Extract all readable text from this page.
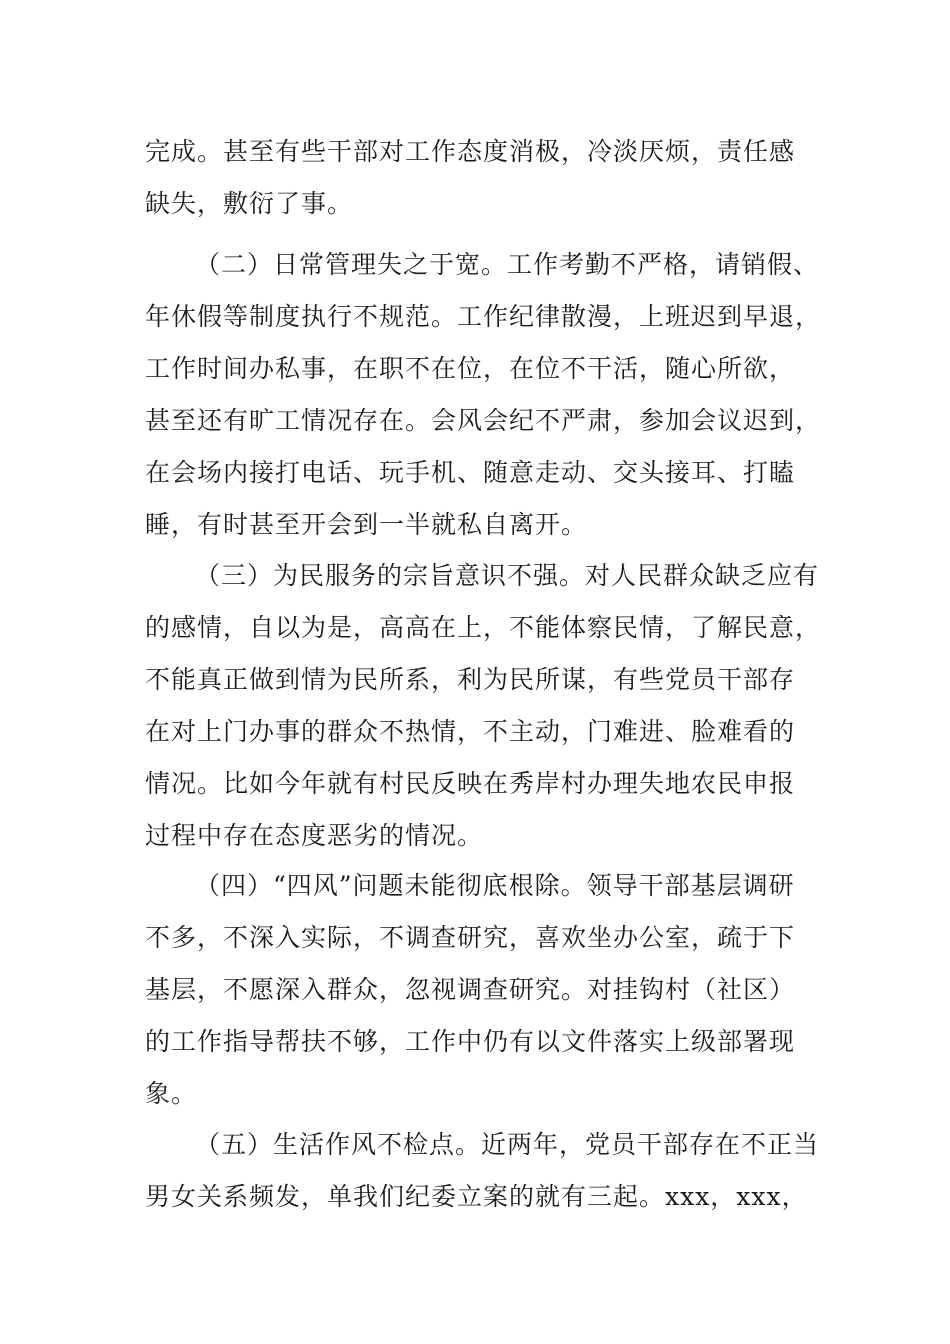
完成。甚至有些干部对工作态度消极，冷淡厌烦，责任感
缺失，敷衍了事。

（二）日常管理失之于宽。工作考勤不严格，请销假、
年休假等制度执行不规范。工作纪律散漫，上班迟到早退，
工作时间办私事，在职不在位，在位不干活，随心所欲，
甚至还有旷工情况存在。会风会纪不严肃，参加会议迟到，
在会场内接打电话、玩手机、随意走动、交头接耳、打瞌
睡，有时甚至开会到一半就私自离开。

（三）为民服务的宗旨意识不强。对人民群众缺乏应有
的感情，自以为是，高高在上，不能体察民情，了解民意，
不能真正做到情为民所系，利为民所谋，有些党员干部存
在对上门办事的群众不热情，不主动，门难进、脸难看的
情况。比如今年就有村民反映在秀岸村办理失地农民申报
过程中存在态度恶劣的情况。

（四）“四风”问题未能彻底根除。领导干部基层调研
不多，不深入实际，不调查研究，喜欢坐办公室，疏于下
基层，不愿深入群众，忽视调查研究。对挂钩村（社区）
的工作指导帮扶不够，工作中仍有以文件落实上级部署现
象。

（五）生活作风不检点。近两年，党员干部存在不正当
男女关系频发，单我们纪委立案的就有三起。xxx，xxx，
